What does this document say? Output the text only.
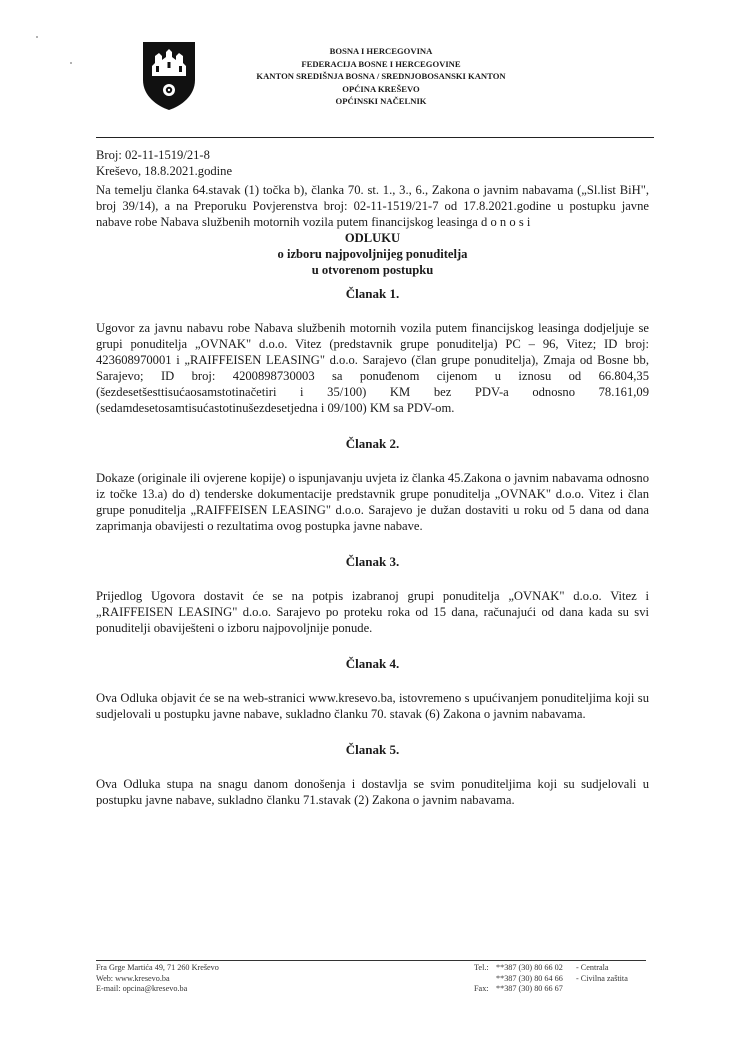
BOSNA I HERCEGOVINA
FEDERACIJA BOSNE I HERCEGOVINE
KANTON SREDIŠNJA BOSNA / SREDNJOBOSANSKI KANTON
OPĆINA KREŠEVO
OPĆINSKI NAČELNIK
Broj: 02-11-1519/21-8
Kreševo, 18.8.2021.godine

Na temelju članka 64.stavak (1) točka b), članka 70. st. 1., 3., 6., Zakona o javnim nabavama („Sl.list BiH", broj 39/14), a na Preporuku Povjerenstva broj: 02-11-1519/21-7 od 17.8.2021.godine u postupku javne nabave robe Nabava službenih motornih vozila putem financijskog leasinga d o n o s i

ODLUKU
o izboru najpovoljnijeg ponuditelja
u otvorenom postupku

Članak 1.

Ugovor za javnu nabavu robe Nabava službenih motornih vozila putem financijskog leasinga dodjeljuje se grupi ponuditelja „OVNAK" d.o.o. Vitez (predstavnik grupe ponuditelja) PC – 96, Vitez; ID broj: 423608970001 i „RAIFFEISEN LEASING" d.o.o. Sarajevo (član grupe ponuditelja), Zmaja od Bosne bb, Sarajevo; ID broj: 4200898730003 sa ponuđenom cijenom u iznosu od 66.804,35 (šezdesetšesttisućaosamstotinačetiri i 35/100) KM bez PDV-a odnosno 78.161,09 (sedamdesetosamtisućastotinušezdesetjedna i 09/100) KM sa PDV-om.

Članak 2.

Dokaze (originale ili ovjerene kopije) o ispunjavanju uvjeta iz članka 45.Zakona o javnim nabavama odnosno iz točke 13.a) do d) tenderske dokumentacije predstavnik grupe ponuditelja „OVNAK" d.o.o. Vitez i član grupe ponuditelja „RAIFFEISEN LEASING" d.o.o. Sarajevo je dužan dostaviti u roku od 5 dana od dana zaprimanja obavijesti o rezultatima ovog postupka javne nabave.

Članak 3.

Prijedlog Ugovora dostavit će se na potpis izabranoj grupi ponuditelja „OVNAK" d.o.o. Vitez i „RAIFFEISEN LEASING" d.o.o. Sarajevo po proteku roka od 15 dana, računajući od dana kada su svi ponuditelji obaviješteni o izboru najpovoljnije ponude.

Članak 4.

Ova Odluka objavit će se na web-stranici www.kresevo.ba, istovremeno s upućivanjem ponuditeljima koji su sudjelovali u postupku javne nabave, sukladno članku 70. stavak (6) Zakona o javnim nabavama.

Članak 5.

Ova Odluka stupa na snagu danom donošenja i dostavlja se svim ponuditeljima koji su sudjelovali u postupku javne nabave, sukladno članku 71.stavak (2) Zakona o javnim nabavama.

Fra Grge Martića 49, 71 260 Kreševo
Web: www.kresevo.ba
E-mail: opcina@kresevo.ba
Tel.: **387 (30) 80 66 02	- Centrala
**387 (30) 80 64 66	- Civilna zaštita
Fax: **387 (30) 80 66 67
